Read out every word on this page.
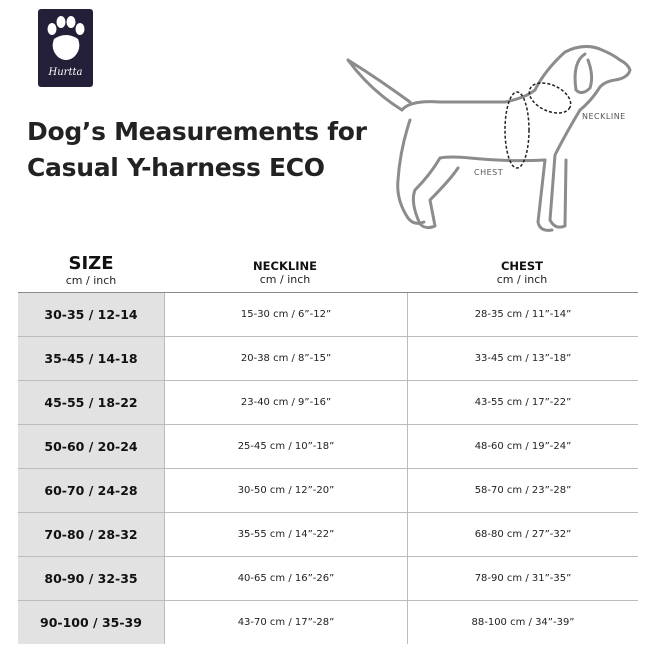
Hurtta
Dog’s Measurements for
Casual Y-harness ECO
NECKLINE
CHEST
SIZE
cm / inch
NECKLINE
cm / inch
CHEST
cm / inch
30-35 / 12-14	15-30 cm / 6”-12”	28-35 cm / 11”-14”
35-45 / 14-18	20-38 cm / 8”-15”	33-45 cm / 13”-18”
45-55 / 18-22	23-40 cm / 9”-16”	43-55 cm / 17”-22”
50-60 / 20-24	25-45 cm / 10”-18”	48-60 cm / 19”-24”
60-70 / 24-28	30-50 cm / 12”-20”	58-70 cm / 23”-28”
70-80 / 28-32	35-55 cm / 14”-22”	68-80 cm / 27”-32”
80-90 / 32-35	40-65 cm / 16”-26”	78-90 cm / 31”-35”
90-100 / 35-39	43-70 cm / 17”-28”	88-100 cm / 34”-39”
